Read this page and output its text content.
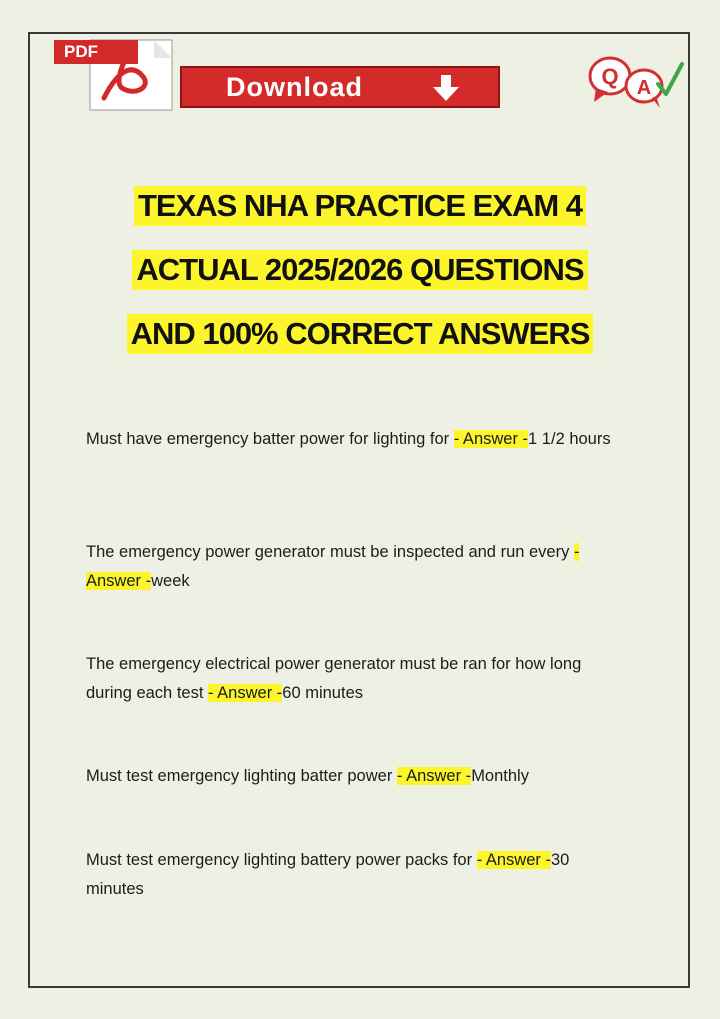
PDF
Download	Q A
TEXAS NHA PRACTICE EXAM 4
ACTUAL 2025/2026 QUESTIONS
AND 100% CORRECT ANSWERS
Must have emergency batter power for lighting for - Answer -1 1/2 hours
The emergency power generator must be inspected and run every - Answer -week
The emergency electrical power generator must be ran for how long during each test - Answer -60 minutes
Must test emergency lighting batter power - Answer -Monthly
Must test emergency lighting battery power packs for - Answer -30 minutes
